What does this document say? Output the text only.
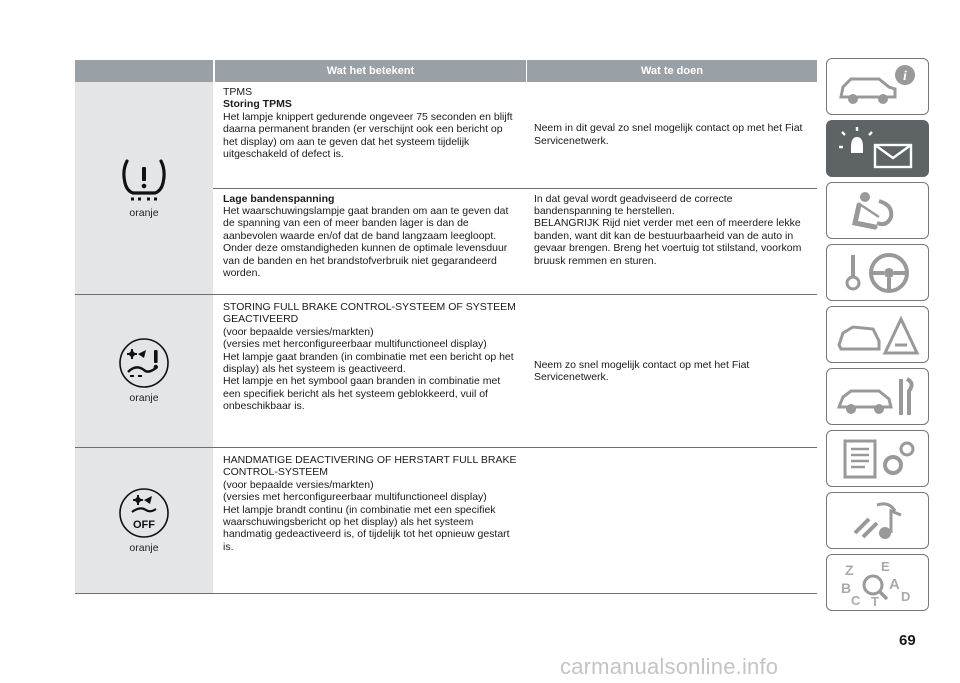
Wat het betekent	Wat te doen
oranje
TPMS
Storing TPMS
Het lampje knippert gedurende ongeveer 75 seconden en blijft daarna permanent branden (er verschijnt ook een bericht op het display) om aan te geven dat het systeem tijdelijk uitgeschakeld of defect is.
Neem in dit geval zo snel mogelijk contact op met het Fiat Servicenetwerk.
Lage bandenspanning
Het waarschuwingslampje gaat branden om aan te geven dat de spanning van een of meer banden lager is dan de aanbevolen waarde en/of dat de band langzaam leegloopt. Onder deze omstandigheden kunnen de optimale levensduur van de banden en het brandstofverbruik niet gegarandeerd worden.
In dat geval wordt geadviseerd de correcte bandenspanning te herstellen.
BELANGRIJK Rijd niet verder met een of meerdere lekke banden, want dit kan de bestuurbaarheid van de auto in gevaar brengen. Breng het voertuig tot stilstand, voorkom bruusk remmen en sturen.
oranje
STORING FULL BRAKE CONTROL-SYSTEEM OF SYSTEEM GEACTIVEERD
(voor bepaalde versies/markten)
(versies met herconfigureerbaar multifunctioneel display)
Het lampje gaat branden (in combinatie met een bericht op het display) als het systeem is geactiveerd.
Het lampje en het symbool gaan branden in combinatie met een specifiek bericht als het systeem geblokkeerd, vuil of onbeschikbaar is.
Neem zo snel mogelijk contact op met het Fiat Servicenetwerk.
OFF
oranje
HANDMATIGE DEACTIVERING OF HERSTART FULL BRAKE CONTROL-SYSTEEM
(voor bepaalde versies/markten)
(versies met herconfigureerbaar multifunctioneel display)
Het lampje brandt continu (in combinatie met een specifiek waarschuwingsbericht op het display) als het systeem handmatig gedeactiveerd is, of tijdelijk tot het opnieuw gestart is.
i
Z E
B	A
D
C T
69
carmanualsonline.info
